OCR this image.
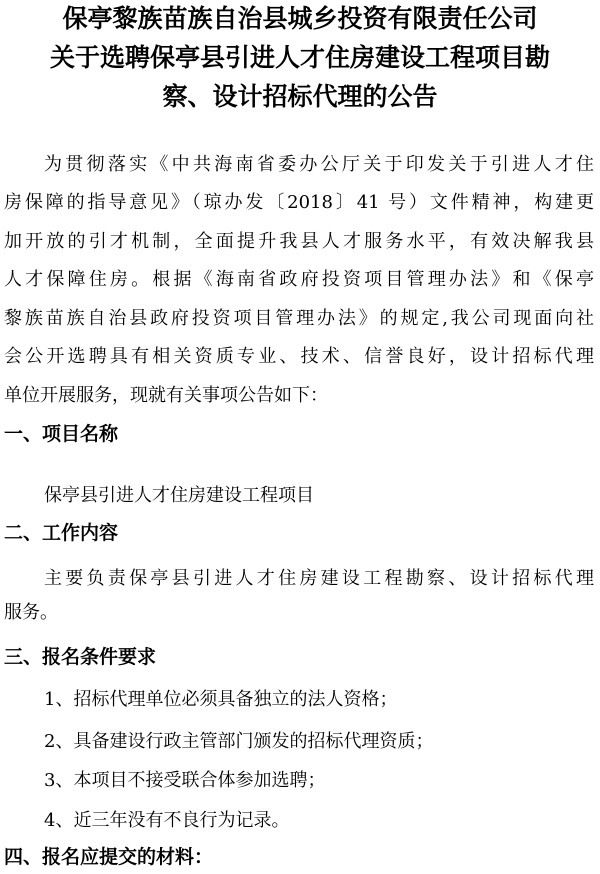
保亭黎族苗族自治县城乡投资有限责任公司
关于选聘保亭县引进人才住房建设工程项目勘
察、设计招标代理的公告
为贯彻落实《中共海南省委办公厅关于印发关于引进人才住
房保障的指导意见》（琼办发〔2018〕41 号）文件精神，构建更
加开放的引才机制，全面提升我县人才服务水平，有效决解我县
人才保障住房。根据《海南省政府投资项目管理办法》和《保亭
黎族苗族自治县政府投资项目管理办法》的规定,我公司现面向社
会公开选聘具有相关资质专业、技术、信誉良好，设计招标代理
单位开展服务，现就有关事项公告如下：
一、项目名称
保亭县引进人才住房建设工程项目
二、工作内容
主要负责保亭县引进人才住房建设工程勘察、设计招标代理
服务。
三、报名条件要求
1、招标代理单位必须具备独立的法人资格；
2、具备建设行政主管部门颁发的招标代理资质；
3、本项目不接受联合体参加选聘；
4、近三年没有不良行为记录。
四、报名应提交的材料：
